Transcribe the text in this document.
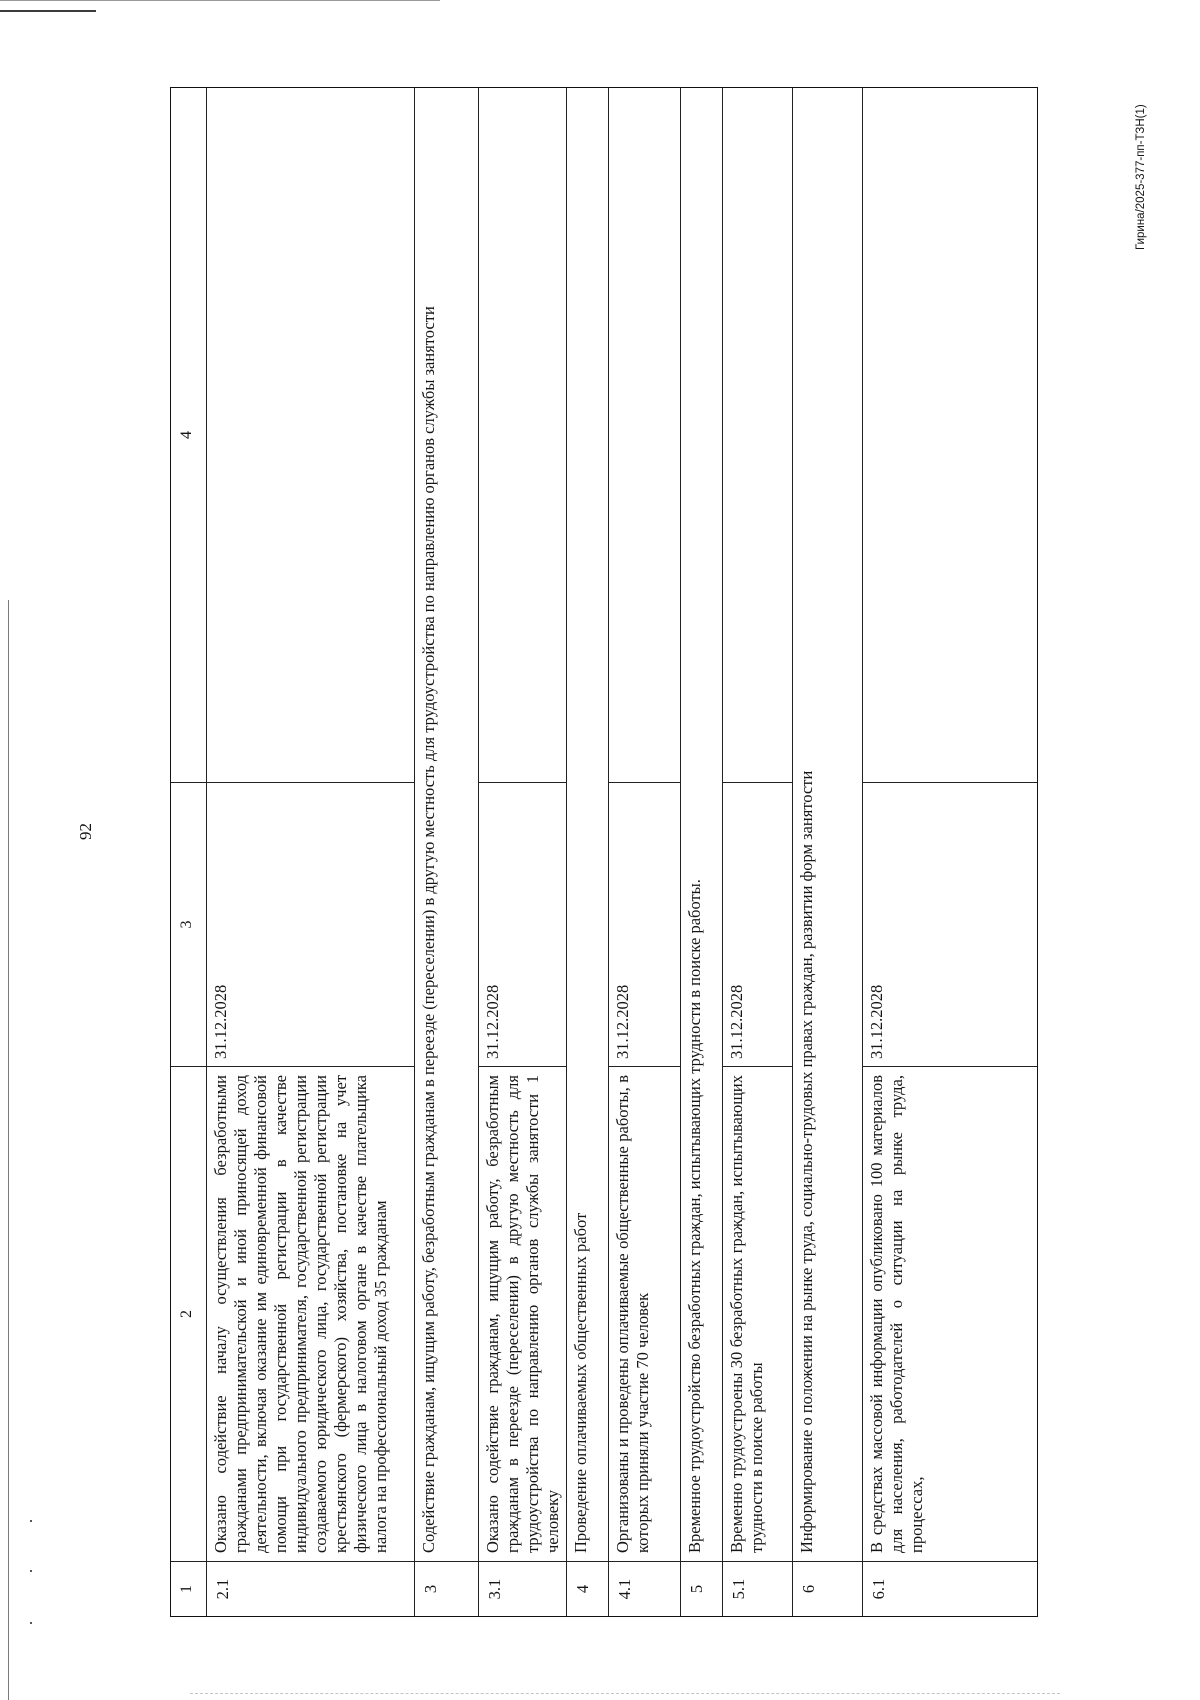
92
1
2
3
4
2.1
Оказано содействие началу осуществления безработными гражданами предпринимательской и иной приносящей доход деятельности, включая оказание им единовременной финансовой помощи при государственной регистрации в качестве индивидуального предпринимателя, государственной регистрации создаваемого юридического лица, государственной регистрации крестьянского (фермерского) хозяйства, постановке на учет физического лица в налоговом органе в качестве плательщика налога на профессиональный доход 35 гражданам
31.12.2028
3
Содействие гражданам, ищущим работу, безработным гражданам в переезде (переселении) в другую местность для трудоустройства по направлению органов службы занятости
3.1
Оказано содействие гражданам, ищущим работу, безработным гражданам в переезде (переселении) в другую местность для трудоустройства по направлению органов службы занятости 1 человеку
31.12.2028
4
Проведение оплачиваемых общественных работ
4.1
Организованы и проведены оплачиваемые общественные работы, в которых приняли участие 70 человек
31.12.2028
5
Временное трудоустройство безработных граждан, испытывающих трудности в поиске работы.
5.1
Временно трудоустроены 30 безработных граждан, испытывающих трудности в поиске работы
31.12.2028
6
Информирование о положении на рынке труда, социально-трудовых правах граждан, развитии форм занятости
6.1
В средствах массовой информации опубликовано 100 материалов для населения, работодателей о ситуации на рынке труда, процессах,
31.12.2028
Гирина/2025-377-пп-ТЗН(1)
